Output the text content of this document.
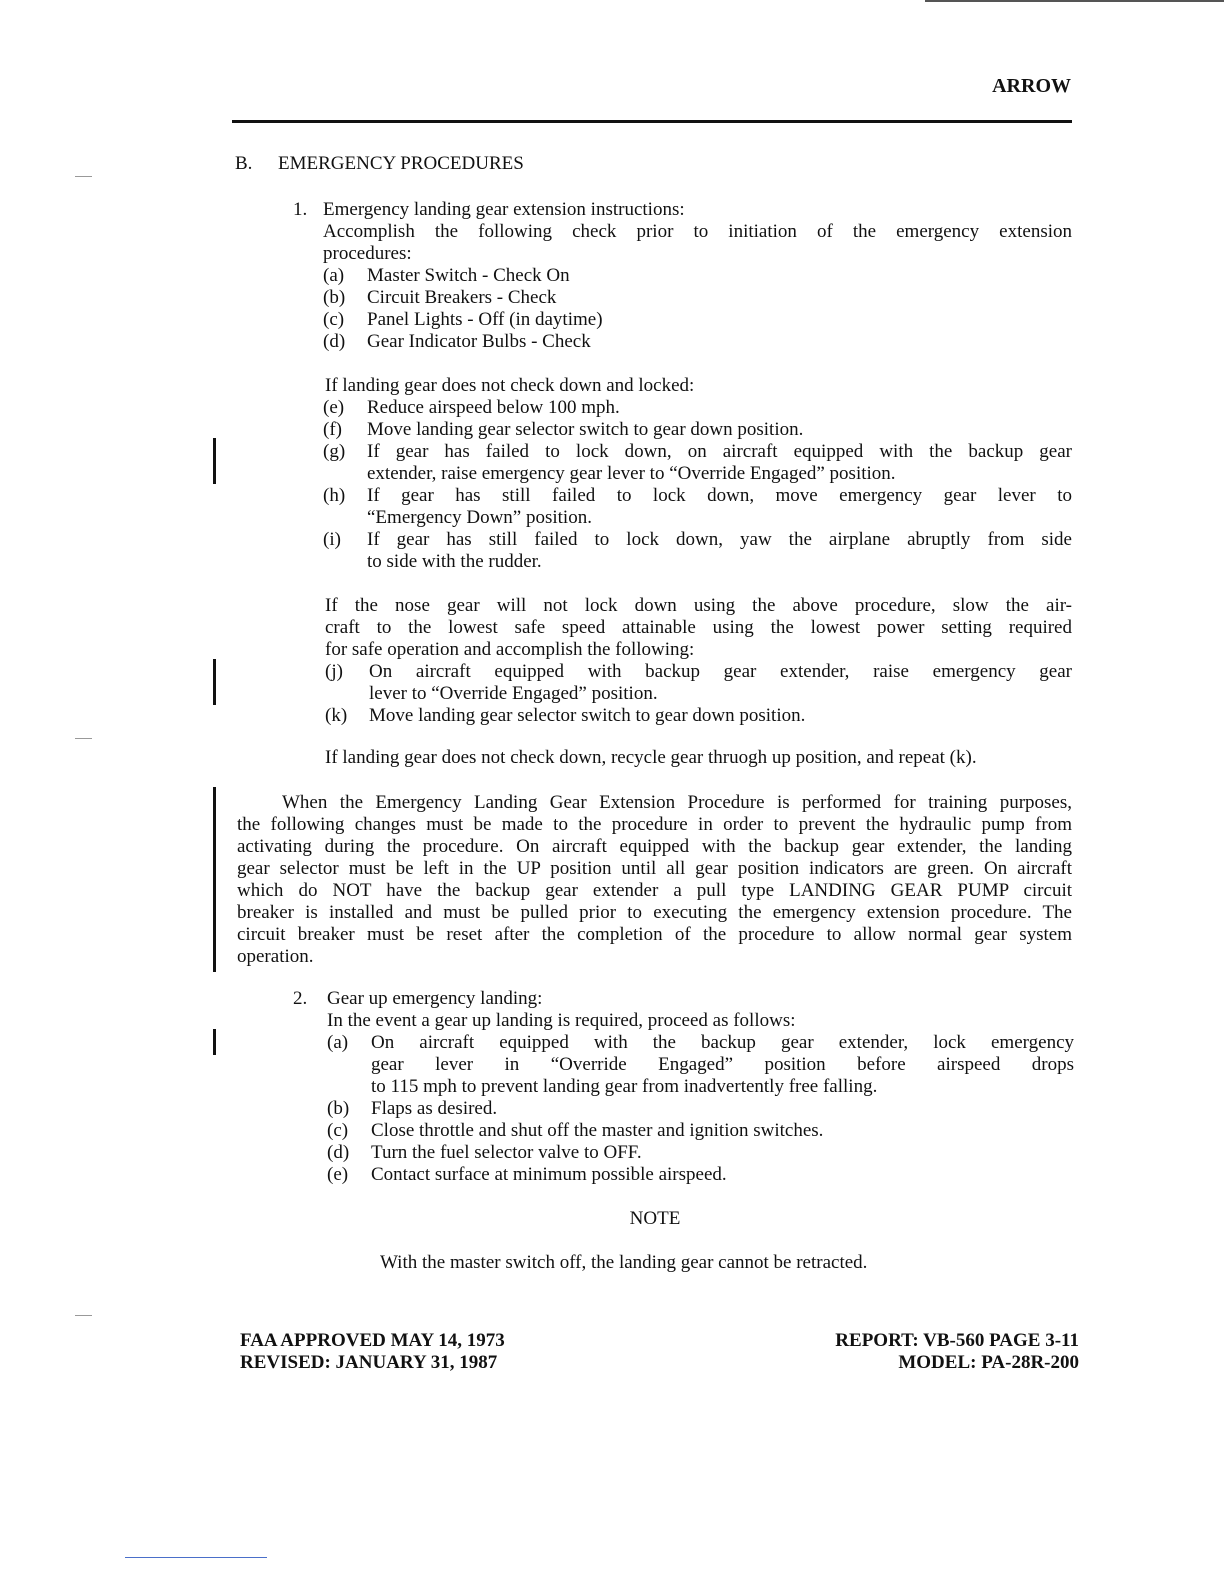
ARROW
B. EMERGENCY PROCEDURES
1. Emergency landing gear extension instructions:
Accomplish the following check prior to initiation of the emergency extension
procedures:
(a) Master Switch - Check On
(b) Circuit Breakers - Check
(c) Panel Lights - Off (in daytime)
(d) Gear Indicator Bulbs - Check
If landing gear does not check down and locked:
(e) Reduce airspeed below 100 mph.
(f) Move landing gear selector switch to gear down position.
(g) If gear has failed to lock down, on aircraft equipped with the backup gear
extender, raise emergency gear lever to “Override Engaged” position.
(h) If gear has still failed to lock down, move emergency gear lever to
“Emergency Down” position.
(i) If gear has still failed to lock down, yaw the airplane abruptly from side
to side with the rudder.
If the nose gear will not lock down using the above procedure, slow the air-
craft to the lowest safe speed attainable using the lowest power setting required
for safe operation and accomplish the following:
(j) On aircraft equipped with backup gear extender, raise emergency gear
lever to “Override Engaged” position.
(k) Move landing gear selector switch to gear down position.
If landing gear does not check down, recycle gear thruogh up position, and repeat (k).
When the Emergency Landing Gear Extension Procedure is performed for training purposes,
the following changes must be made to the procedure in order to prevent the hydraulic pump from
activating during the procedure. On aircraft equipped with the backup gear extender, the landing
gear selector must be left in the UP position until all gear position indicators are green. On aircraft
which do NOT have the backup gear extender a pull type LANDING GEAR PUMP circuit
breaker is installed and must be pulled prior to executing the emergency extension procedure. The
circuit breaker must be reset after the completion of the procedure to allow normal gear system
operation.
2. Gear up emergency landing:
In the event a gear up landing is required, proceed as follows:
(a) On aircraft equipped with the backup gear extender, lock emergency
gear lever in “Override Engaged” position before airspeed drops
to 115 mph to prevent landing gear from inadvertently free falling.
(b) Flaps as desired.
(c) Close throttle and shut off the master and ignition switches.
(d) Turn the fuel selector valve to OFF.
(e) Contact surface at minimum possible airspeed.
NOTE
With the master switch off, the landing gear cannot be retracted.
FAA APPROVED MAY 14, 1973
REVISED: JANUARY 31, 1987
REPORT: VB-560 PAGE 3-11
MODEL: PA-28R-200
